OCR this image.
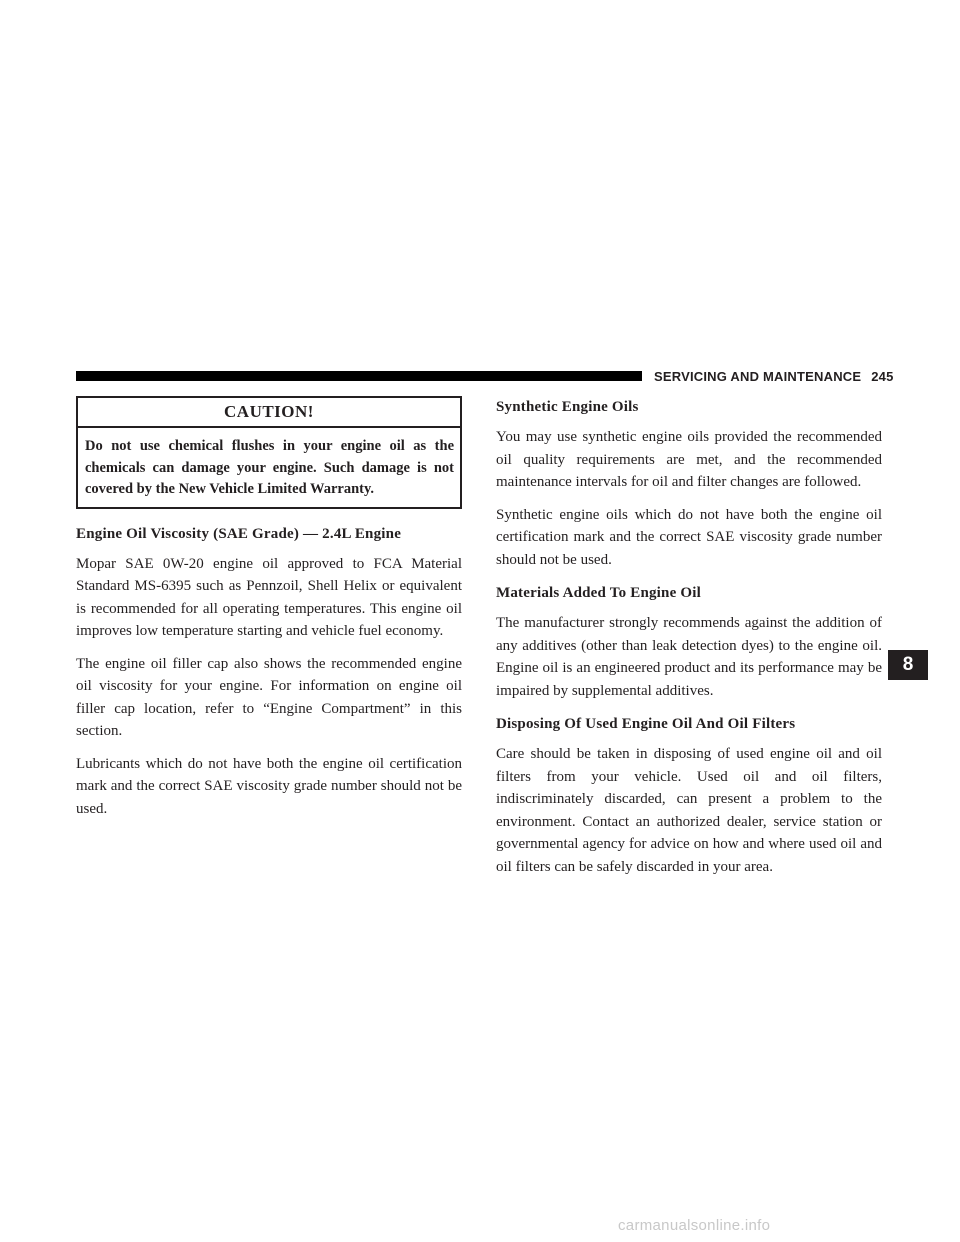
SERVICING AND MAINTENANCE 245
CAUTION!
Do not use chemical flushes in your engine oil as the chemicals can damage your engine. Such damage is not covered by the New Vehicle Limited Warranty.
Engine Oil Viscosity (SAE Grade) — 2.4L Engine

Mopar SAE 0W-20 engine oil approved to FCA Material Standard MS-6395 such as Pennzoil, Shell Helix or equivalent is recommended for all operating temperatures. This engine oil improves low temperature starting and vehicle fuel economy.

The engine oil filler cap also shows the recommended engine oil viscosity for your engine. For information on engine oil filler cap location, refer to “Engine Compartment” in this section.

Lubricants which do not have both the engine oil certification mark and the correct SAE viscosity grade number should not be used.

Synthetic Engine Oils

You may use synthetic engine oils provided the recommended oil quality requirements are met, and the recommended maintenance intervals for oil and filter changes are followed.

Synthetic engine oils which do not have both the engine oil certification mark and the correct SAE viscosity grade number should not be used.

Materials Added To Engine Oil

The manufacturer strongly recommends against the addition of any additives (other than leak detection dyes) to the engine oil. Engine oil is an engineered product and its performance may be impaired by supplemental additives.

Disposing Of Used Engine Oil And Oil Filters

Care should be taken in disposing of used engine oil and oil filters from your vehicle. Used oil and oil filters, indiscriminately discarded, can present a problem to the environment. Contact an authorized dealer, service station or governmental agency for advice on how and where used oil and oil filters can be safely discarded in your area.

8
carmanualsonline.info
